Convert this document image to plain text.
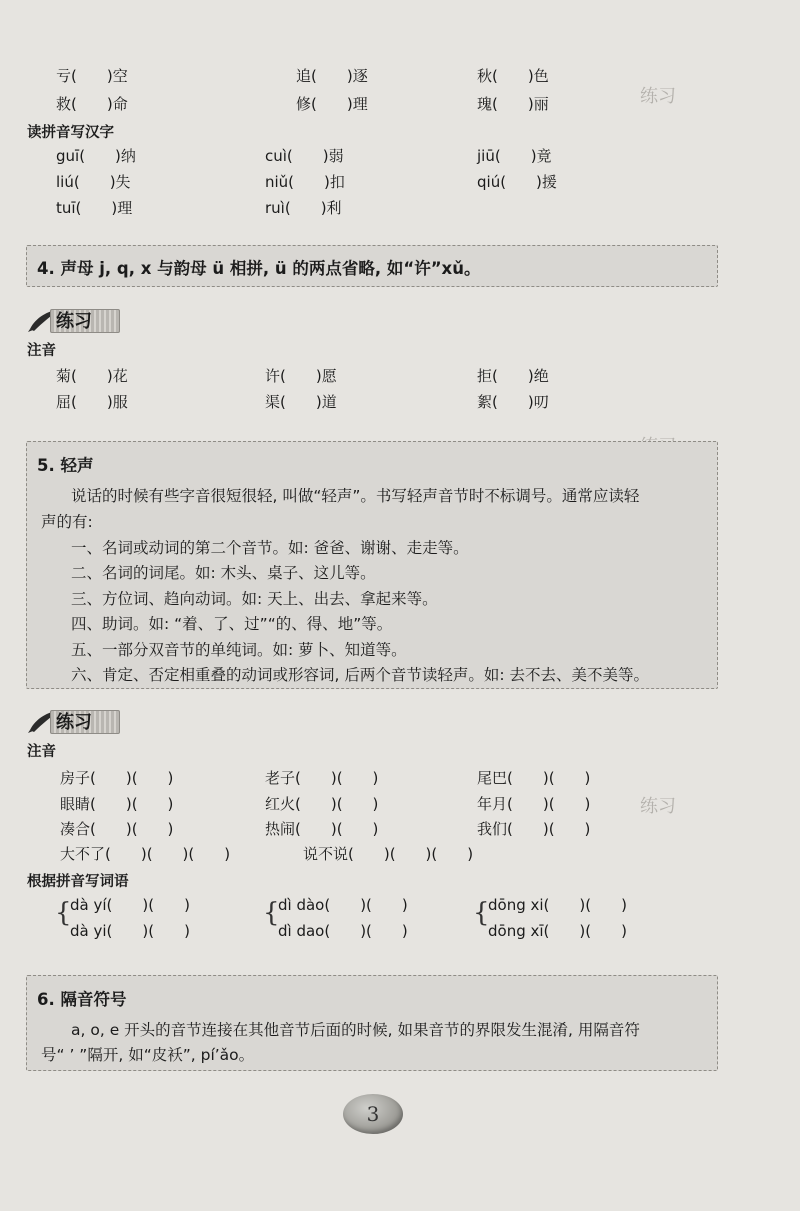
练习
练习
亏(　　)空	追(　　)逐	秋(　　)色
救(　　)命	修(　　)理	瑰(　　)丽
读拼音写汉字
guī(　　)纳	cuì(　　)弱	jiū(　　)竟
liú(　　)失	niǔ(　　)扣	qiú(　　)援
tuī(　　)理	ruì(　　)利
4. 声母 j, q, x 与韵母 ü 相拼, ü 的两点省略, 如“许”xǔ。
练习
注音
菊(　　)花	许(　　)愿	拒(　　)绝
屈(　　)服	渠(　　)道	絮(　　)叨
5. 轻声
说话的时候有些字音很短很轻, 叫做“轻声”。书写轻声音节时不标调号。通常应读轻
声的有:
一、名词或动词的第二个音节。如: 爸爸、谢谢、走走等。
二、名词的词尾。如: 木头、桌子、这儿等。
三、方位词、趋向动词。如: 天上、出去、拿起来等。
四、助词。如: “着、了、过”“的、得、地”等。
五、一部分双音节的单纯词。如: 萝卜、知道等。
六、肯定、否定相重叠的动词或形容词, 后两个音节读轻声。如: 去不去、美不美等。
练习
注音
房子(　　)(　　)	老子(　　)(　　)	尾巴(　　)(　　)
眼睛(　　)(　　)	红火(　　)(　　)	年月(　　)(　　)
凑合(　　)(　　)	热闹(　　)(　　)	我们(　　)(　　)
大不了(　　)(　　)(　　)	说不说(　　)(　　)(　　)
根据拼音写词语
{
dà yí(　　)(　　)
dà yi(　　)(　　)
{
dì dào(　　)(　　)
dì dao(　　)(　　)
{
dōng xi(　　)(　　)
dōng xī(　　)(　　)
6. 隔音符号
a, o, e 开头的音节连接在其他音节后面的时候, 如果音节的界限发生混淆, 用隔音符
号“ ’ ”隔开, 如“皮袄”, pí’ǎo。
3
